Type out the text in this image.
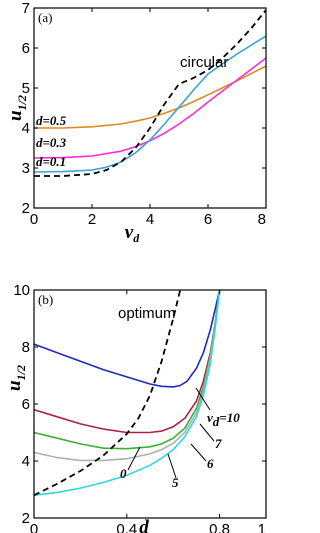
0	2	4	6	8
2
3
4
5
6
7
(a)
circular
d=0.5
d=0.3
d=0.1
$u_{1/2}$
$v_d$
0	0.4	0.8 1
2
4
6
8
10
(b)
optimum
$v_d^{=10}$
7
6
5
0
$u_{1/2}$
d
